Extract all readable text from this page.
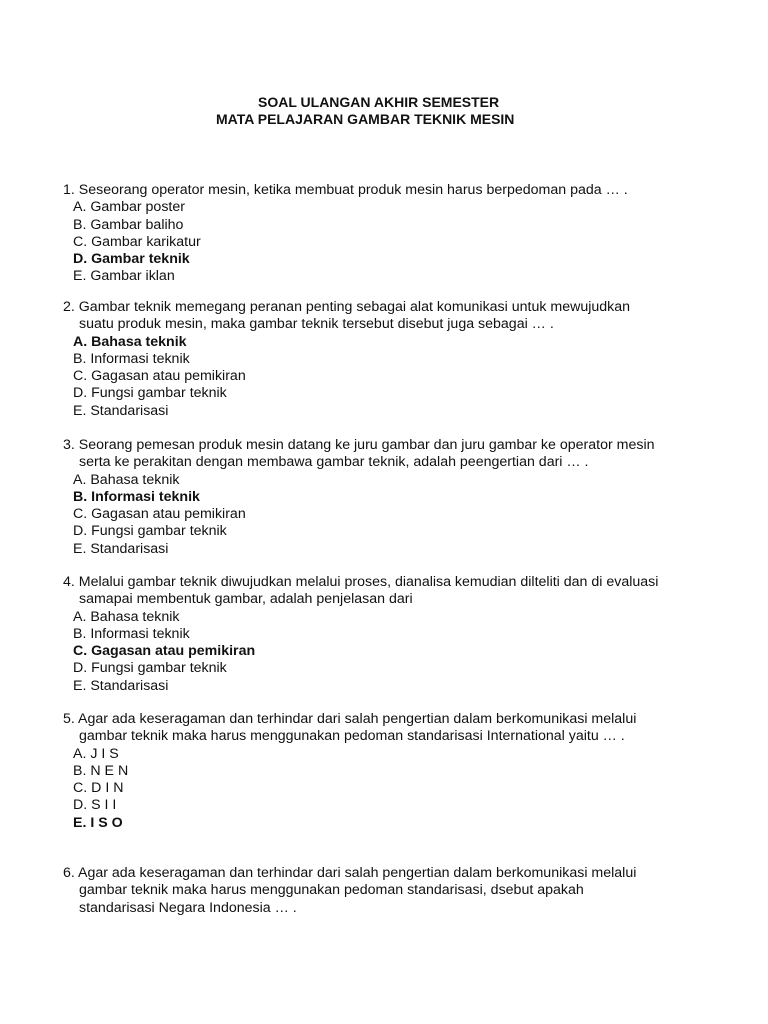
SOAL ULANGAN AKHIR SEMESTER
MATA PELAJARAN GAMBAR TEKNIK MESIN
1. Seseorang operator mesin, ketika membuat produk mesin harus berpedoman pada … .
A. Gambar poster
B. Gambar baliho
C. Gambar karikatur
D. Gambar teknik
E. Gambar iklan
2. Gambar teknik memegang peranan penting sebagai alat komunikasi untuk mewujudkan
suatu produk mesin, maka gambar teknik tersebut disebut juga sebagai … .
A. Bahasa teknik
B. Informasi teknik
C. Gagasan atau pemikiran
D. Fungsi gambar teknik
E. Standarisasi
3. Seorang pemesan produk mesin datang ke juru gambar dan juru gambar ke operator mesin
serta ke perakitan dengan membawa gambar teknik, adalah peengertian dari … .
A. Bahasa teknik
B. Informasi teknik
C. Gagasan atau pemikiran
D. Fungsi gambar teknik
E. Standarisasi
4. Melalui gambar teknik diwujudkan melalui proses, dianalisa kemudian dilteliti dan di evaluasi
samapai membentuk gambar, adalah penjelasan dari
A. Bahasa teknik
B. Informasi teknik
C. Gagasan atau pemikiran
D. Fungsi gambar teknik
E. Standarisasi
5. Agar ada keseragaman dan terhindar dari salah pengertian dalam berkomunikasi melalui
gambar teknik maka harus menggunakan pedoman standarisasi International yaitu … .
A. J I S
B. N E N
C. D I N
D. S I I
E. I S O
6. Agar ada keseragaman dan terhindar dari salah pengertian dalam berkomunikasi melalui
gambar teknik maka harus menggunakan pedoman standarisasi, dsebut apakah
standarisasi Negara Indonesia … .
